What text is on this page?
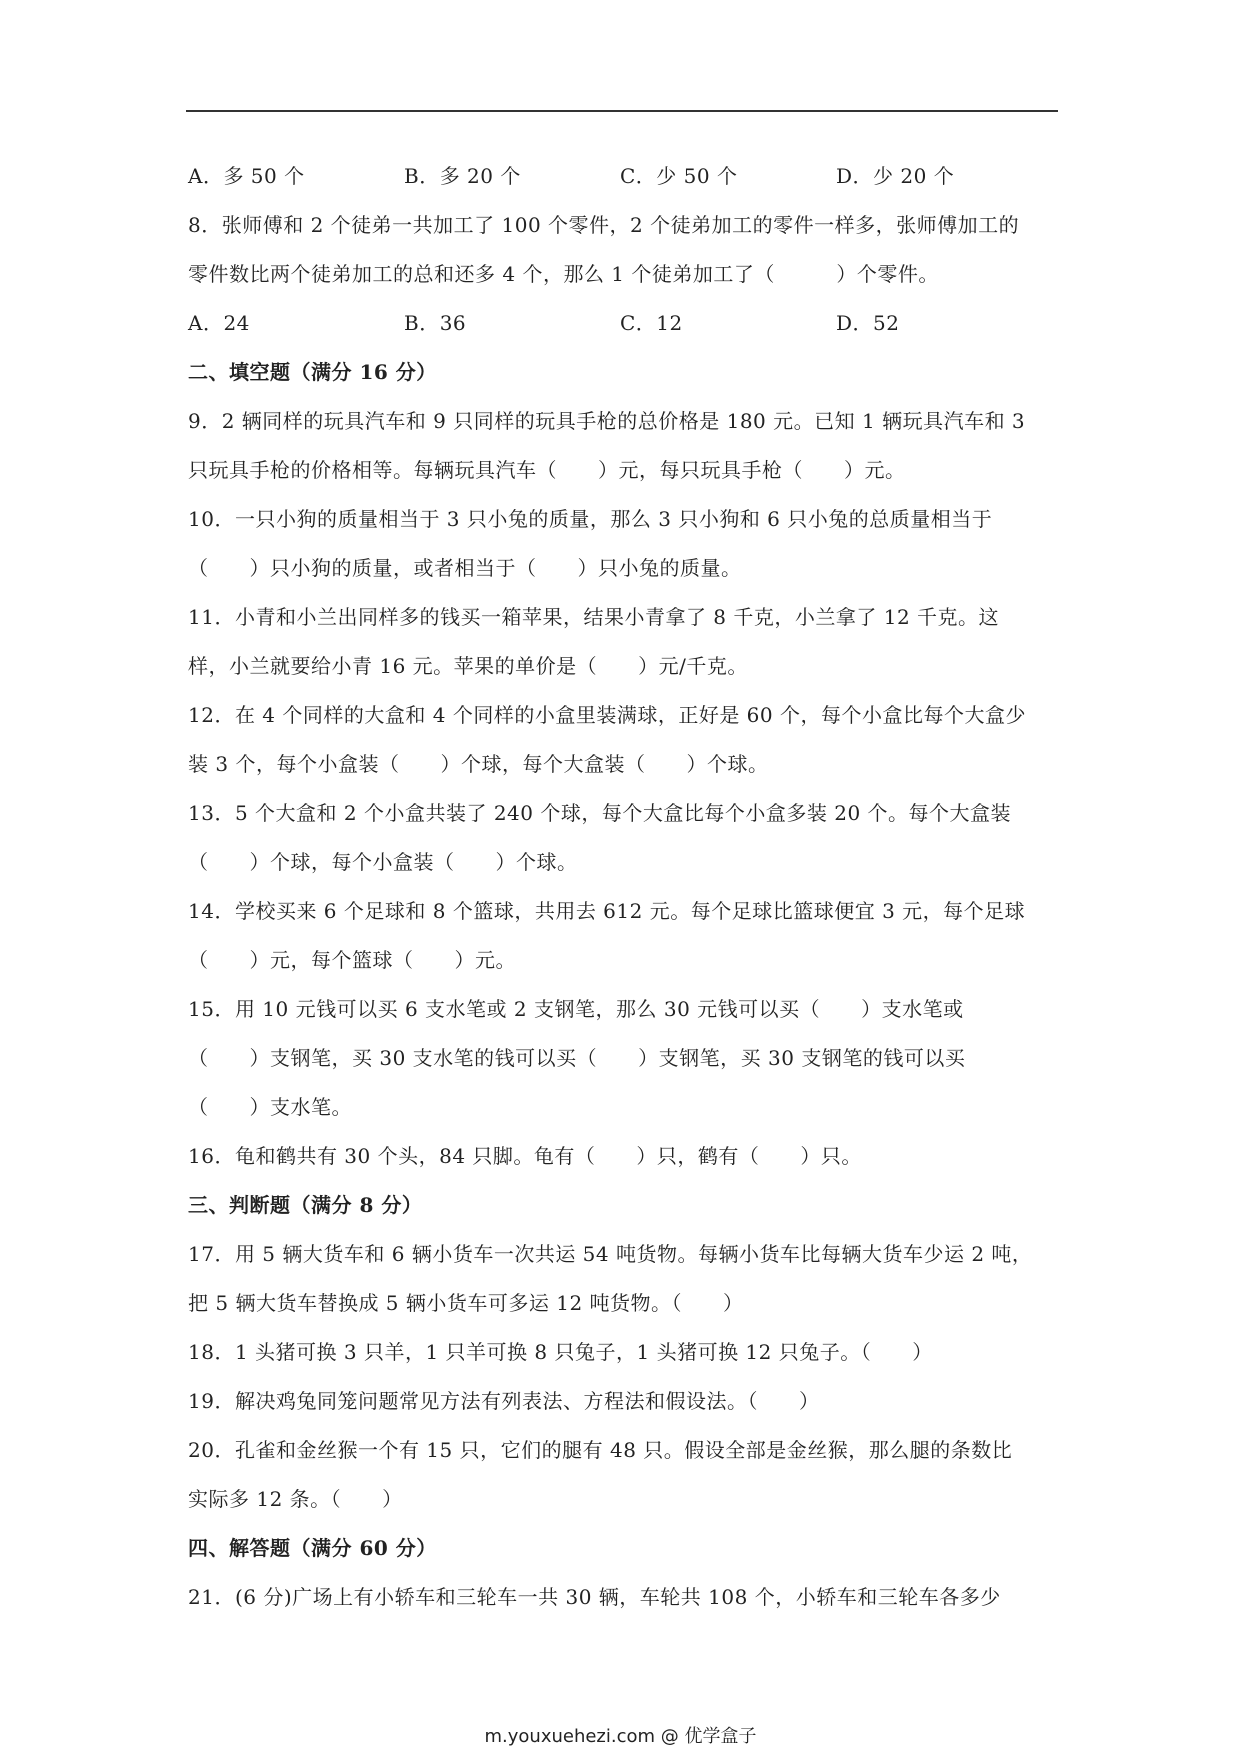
A．多 50 个	B．多 20 个	C．少 50 个	D．少 20 个
8．张师傅和 2 个徒弟一共加工了 100 个零件，2 个徒弟加工的零件一样多，张师傅加工的
零件数比两个徒弟加工的总和还多 4 个，那么 1 个徒弟加工了（　　　）个零件。
A．24	B．36	C．12	D．52
二、填空题（满分 16 分）
9．2 辆同样的玩具汽车和 9 只同样的玩具手枪的总价格是 180 元。已知 1 辆玩具汽车和 3
只玩具手枪的价格相等。每辆玩具汽车（　　）元，每只玩具手枪（　　）元。
10．一只小狗的质量相当于 3 只小兔的质量，那么 3 只小狗和 6 只小兔的总质量相当于
（　　）只小狗的质量，或者相当于（　　）只小兔的质量。
11．小青和小兰出同样多的钱买一箱苹果，结果小青拿了 8 千克，小兰拿了 12 千克。这
样，小兰就要给小青 16 元。苹果的单价是（　　）元/千克。
12．在 4 个同样的大盒和 4 个同样的小盒里装满球，正好是 60 个，每个小盒比每个大盒少
装 3 个，每个小盒装（　　）个球，每个大盒装（　　）个球。
13．5 个大盒和 2 个小盒共装了 240 个球，每个大盒比每个小盒多装 20 个。每个大盒装
（　　）个球，每个小盒装（　　）个球。
14．学校买来 6 个足球和 8 个篮球，共用去 612 元。每个足球比篮球便宜 3 元，每个足球
（　　）元，每个篮球（　　）元。
15．用 10 元钱可以买 6 支水笔或 2 支钢笔，那么 30 元钱可以买（　　）支水笔或
（　　）支钢笔，买 30 支水笔的钱可以买（　　）支钢笔，买 30 支钢笔的钱可以买
（　　）支水笔。
16．龟和鹤共有 30 个头，84 只脚。龟有（　　）只，鹤有（　　）只。
三、判断题（满分 8 分）
17．用 5 辆大货车和 6 辆小货车一次共运 54 吨货物。每辆小货车比每辆大货车少运 2 吨，
把 5 辆大货车替换成 5 辆小货车可多运 12 吨货物。（　　）
18．1 头猪可换 3 只羊，1 只羊可换 8 只兔子，1 头猪可换 12 只兔子。（　　）
19．解决鸡兔同笼问题常见方法有列表法、方程法和假设法。（　　）
20．孔雀和金丝猴一个有 15 只，它们的腿有 48 只。假设全部是金丝猴，那么腿的条数比
实际多 12 条。（　　）
四、解答题（满分 60 分）
21．(6 分)广场上有小轿车和三轮车一共 30 辆，车轮共 108 个，小轿车和三轮车各多少
m.youxuehezi.com @ 优学盒子
